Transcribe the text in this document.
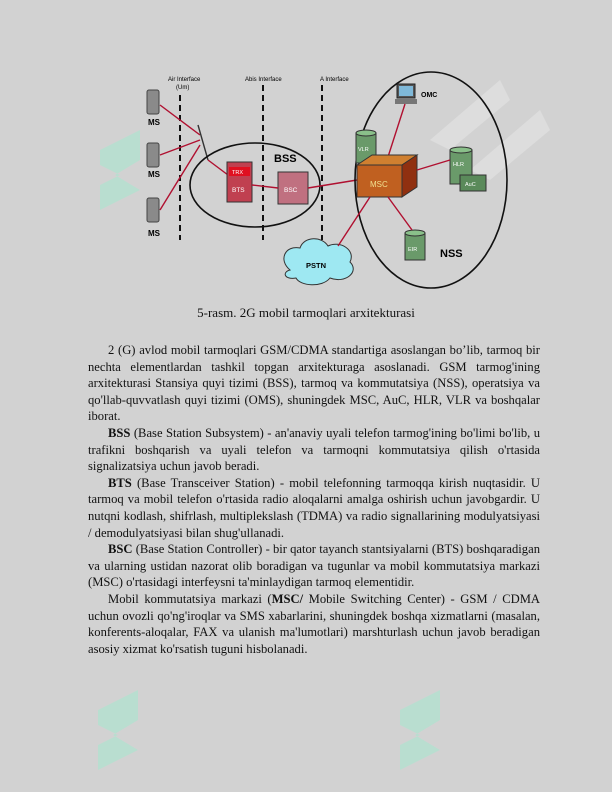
Air Interface
(Um)
Abis Interface	A Interface
MS
MS
MS
BSS
TRX
BTS	BSC
NSS
OMC
VLR
MSC
HLR
AuC
EIR
PSTN
5-rasm. 2G mobil tarmoqlari arxitekturasi

2 (G) avlod mobil tarmoqlari GSM/CDMA standartiga asoslangan bo’lib, tarmoq bir nechta elementlardan tashkil topgan arxitekturaga asoslanadi. GSM tarmog'ining arxitekturasi Stansiya quyi tizimi (BSS), tarmoq va kommutatsiya (NSS), operatsiya va qo'llab-quvvatlash quyi tizimi (OMS), shuningdek MSC, AuC, HLR, VLR va boshqalar iborat.

BSS (Base Station Subsystem) - an'anaviy uyali telefon tarmog'ining bo'limi bo'lib, u trafikni boshqarish va uyali telefon va tarmoqni kommutatsiya qilish o'rtasida signalizatsiya uchun javob beradi.

BTS (Base Transceiver Station) - mobil telefonning tarmoqqa kirish nuqtasidir. U tarmoq va mobil telefon o'rtasida radio aloqalarni amalga oshirish uchun javobgardir. U nutqni kodlash, shifrlash, multiplekslash (TDMA) va radio signallarining modulyatsiyasi / demodulyatsiyasi bilan shug'ullanadi.

BSC (Base Station Controller) - bir qator tayanch stantsiyalarni (BTS) boshqaradigan va ularning ustidan nazorat olib boradigan va tugunlar va mobil kommutatsiya markazi (MSC) o'rtasidagi interfeysni ta'minlaydigan tarmoq elementidir.

Mobil kommutatsiya markazi (MSC/ Mobile Switching Center) - GSM / CDMA uchun ovozli qo'ng'iroqlar va SMS xabarlarini, shuningdek boshqa xizmatlarni (masalan, konferents-aloqalar, FAX va ulanish ma'lumotlari) marshturlash uchun javob beradigan asosiy xizmat ko'rsatish tuguni hisbolanadi.
